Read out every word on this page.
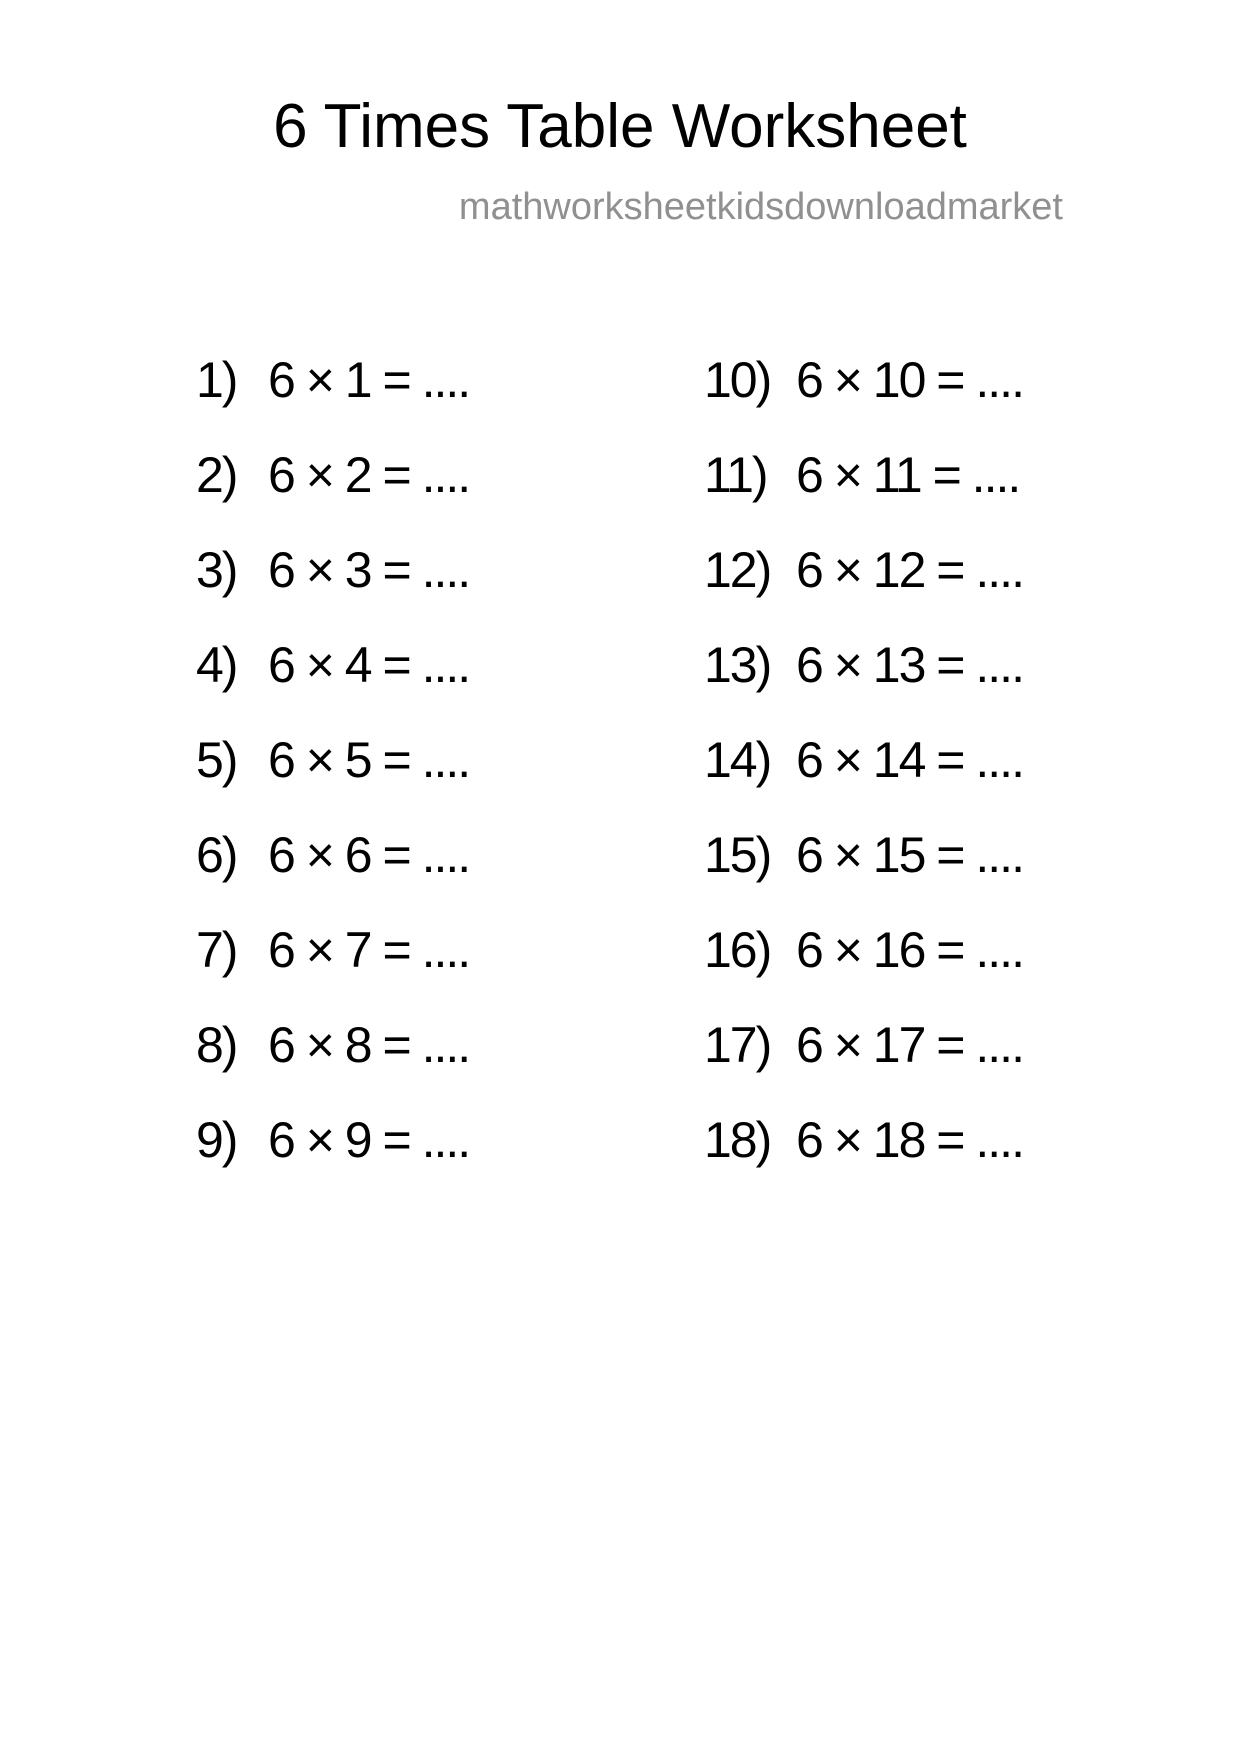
6 Times Table Worksheet
mathworksheetkidsdownloadmarket
1) 6 × 1 = ....
2) 6 × 2 = ....
3) 6 × 3 = ....
4) 6 × 4 = ....
5) 6 × 5 = ....
6) 6 × 6 = ....
7) 6 × 7 = ....
8) 6 × 8 = ....
9) 6 × 9 = ....
10) 6 × 10 = ....
11) 6 × 11 = ....
12) 6 × 12 = ....
13) 6 × 13 = ....
14) 6 × 14 = ....
15) 6 × 15 = ....
16) 6 × 16 = ....
17) 6 × 17 = ....
18) 6 × 18 = ....
